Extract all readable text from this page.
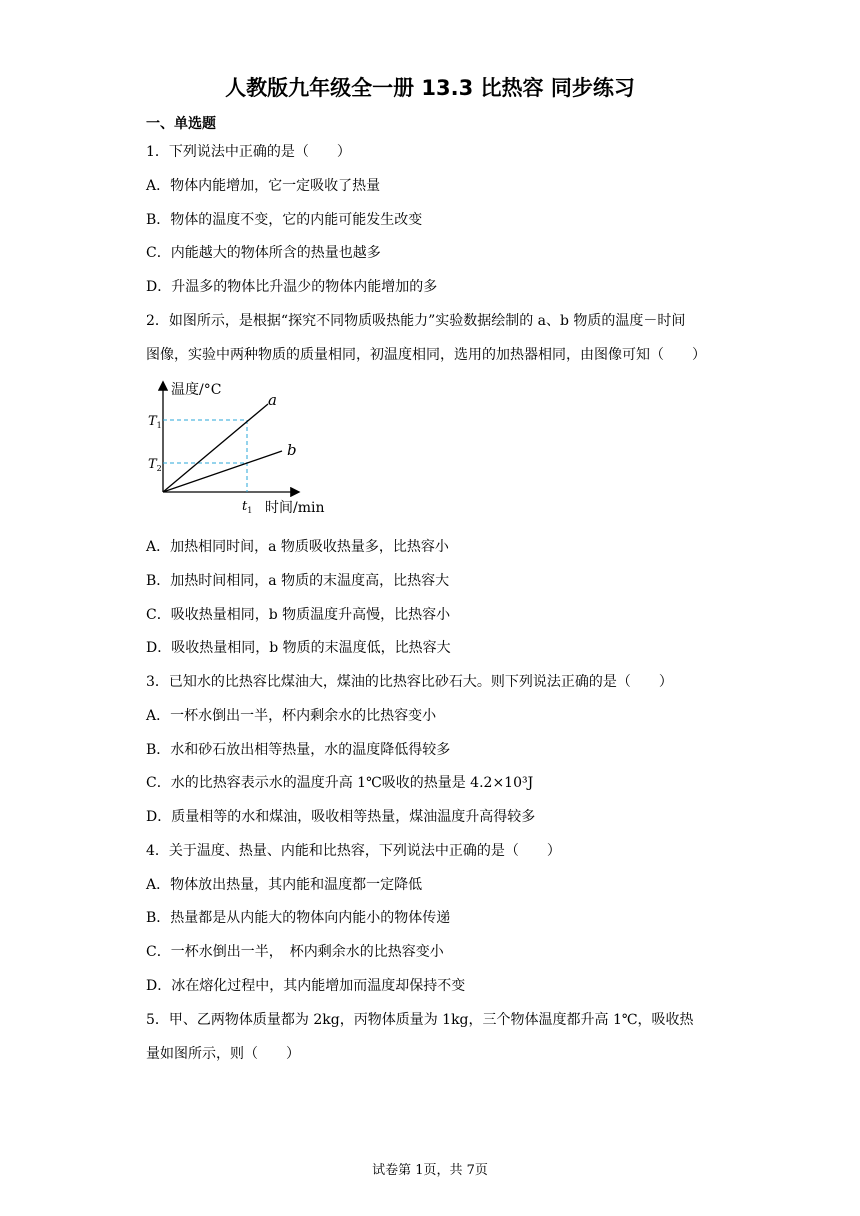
人教版九年级全一册 13.3 比热容 同步练习
一、单选题
1．下列说法中正确的是（　　）
A．物体内能增加，它一定吸收了热量
B．物体的温度不变，它的内能可能发生改变
C．内能越大的物体所含的热量也越多
D．升温多的物体比升温少的物体内能增加的多
2．如图所示，是根据“探究不同物质吸热能力”实验数据绘制的 a、b 物质的温度－时间
图像，实验中两种物质的质量相同，初温度相同，选用的加热器相同，由图像可知（　　）
温度/°C
时间/min
a
b
$T_1$
$T_2$
$t_1$
A．加热相同时间，a 物质吸收热量多，比热容小
B．加热时间相同，a 物质的末温度高，比热容大
C．吸收热量相同，b 物质温度升高慢，比热容小
D．吸收热量相同，b 物质的末温度低，比热容大
3．已知水的比热容比煤油大，煤油的比热容比砂石大。则下列说法正确的是（　　）
A．一杯水倒出一半，杯内剩余水的比热容变小
B．水和砂石放出相等热量，水的温度降低得较多
C．水的比热容表示水的温度升高 1℃吸收的热量是 4.2×10³J
D．质量相等的水和煤油，吸收相等热量，煤油温度升高得较多
4．关于温度、热量、内能和比热容，下列说法中正确的是（　　）
A．物体放出热量，其内能和温度都一定降低
B．热量都是从内能大的物体向内能小的物体传递
C．一杯水倒出一半，　杯内剩余水的比热容变小
D．冰在熔化过程中，其内能增加而温度却保持不变
5．甲、乙两物体质量都为 2kg，丙物体质量为 1kg，三个物体温度都升高 1℃，吸收热
量如图所示，则（　　）
试卷第 1页，共 7页
